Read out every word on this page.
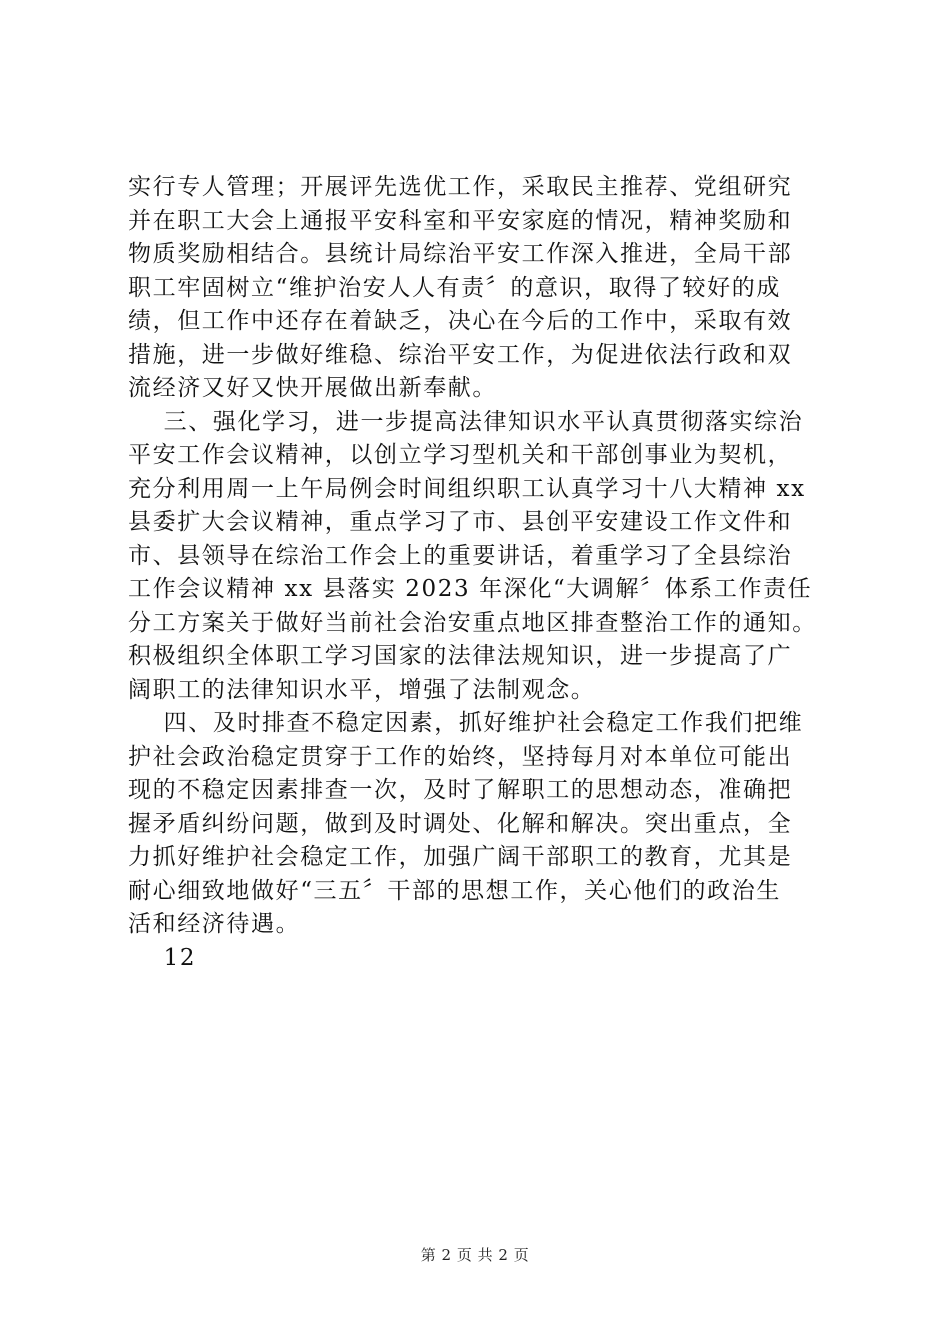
实行专人管理；开展评先选优工作，采取民主推荐、党组研究
并在职工大会上通报平安科室和平安家庭的情况，精神奖励和
物质奖励相结合。县统计局综治平安工作深入推进，全局干部
职工牢固树立“维护治安人人有责〞的意识，取得了较好的成
绩，但工作中还存在着缺乏，决心在今后的工作中，采取有效
措施，进一步做好维稳、综治平安工作，为促进依法行政和双
流经济又好又快开展做出新奉献。
三、强化学习，进一步提高法律知识水平认真贯彻落实综治
平安工作会议精神，以创立学习型机关和干部创事业为契机，
充分利用周一上午局例会时间组织职工认真学习十八大精神 xx
县委扩大会议精神，重点学习了市、县创平安建设工作文件和
市、县领导在综治工作会上的重要讲话，着重学习了全县综治
工作会议精神 xx 县落实 2023 年深化“大调解〞体系工作责任
分工方案关于做好当前社会治安重点地区排查整治工作的通知。
积极组织全体职工学习国家的法律法规知识，进一步提高了广
阔职工的法律知识水平，增强了法制观念。
四、及时排查不稳定因素，抓好维护社会稳定工作我们把维
护社会政治稳定贯穿于工作的始终，坚持每月对本单位可能出
现的不稳定因素排查一次，及时了解职工的思想动态，准确把
握矛盾纠纷问题，做到及时调处、化解和解决。突出重点，全
力抓好维护社会稳定工作，加强广阔干部职工的教育，尤其是
耐心细致地做好“三五〞干部的思想工作，关心他们的政治生
活和经济待遇。
12
第 2 页 共 2 页
